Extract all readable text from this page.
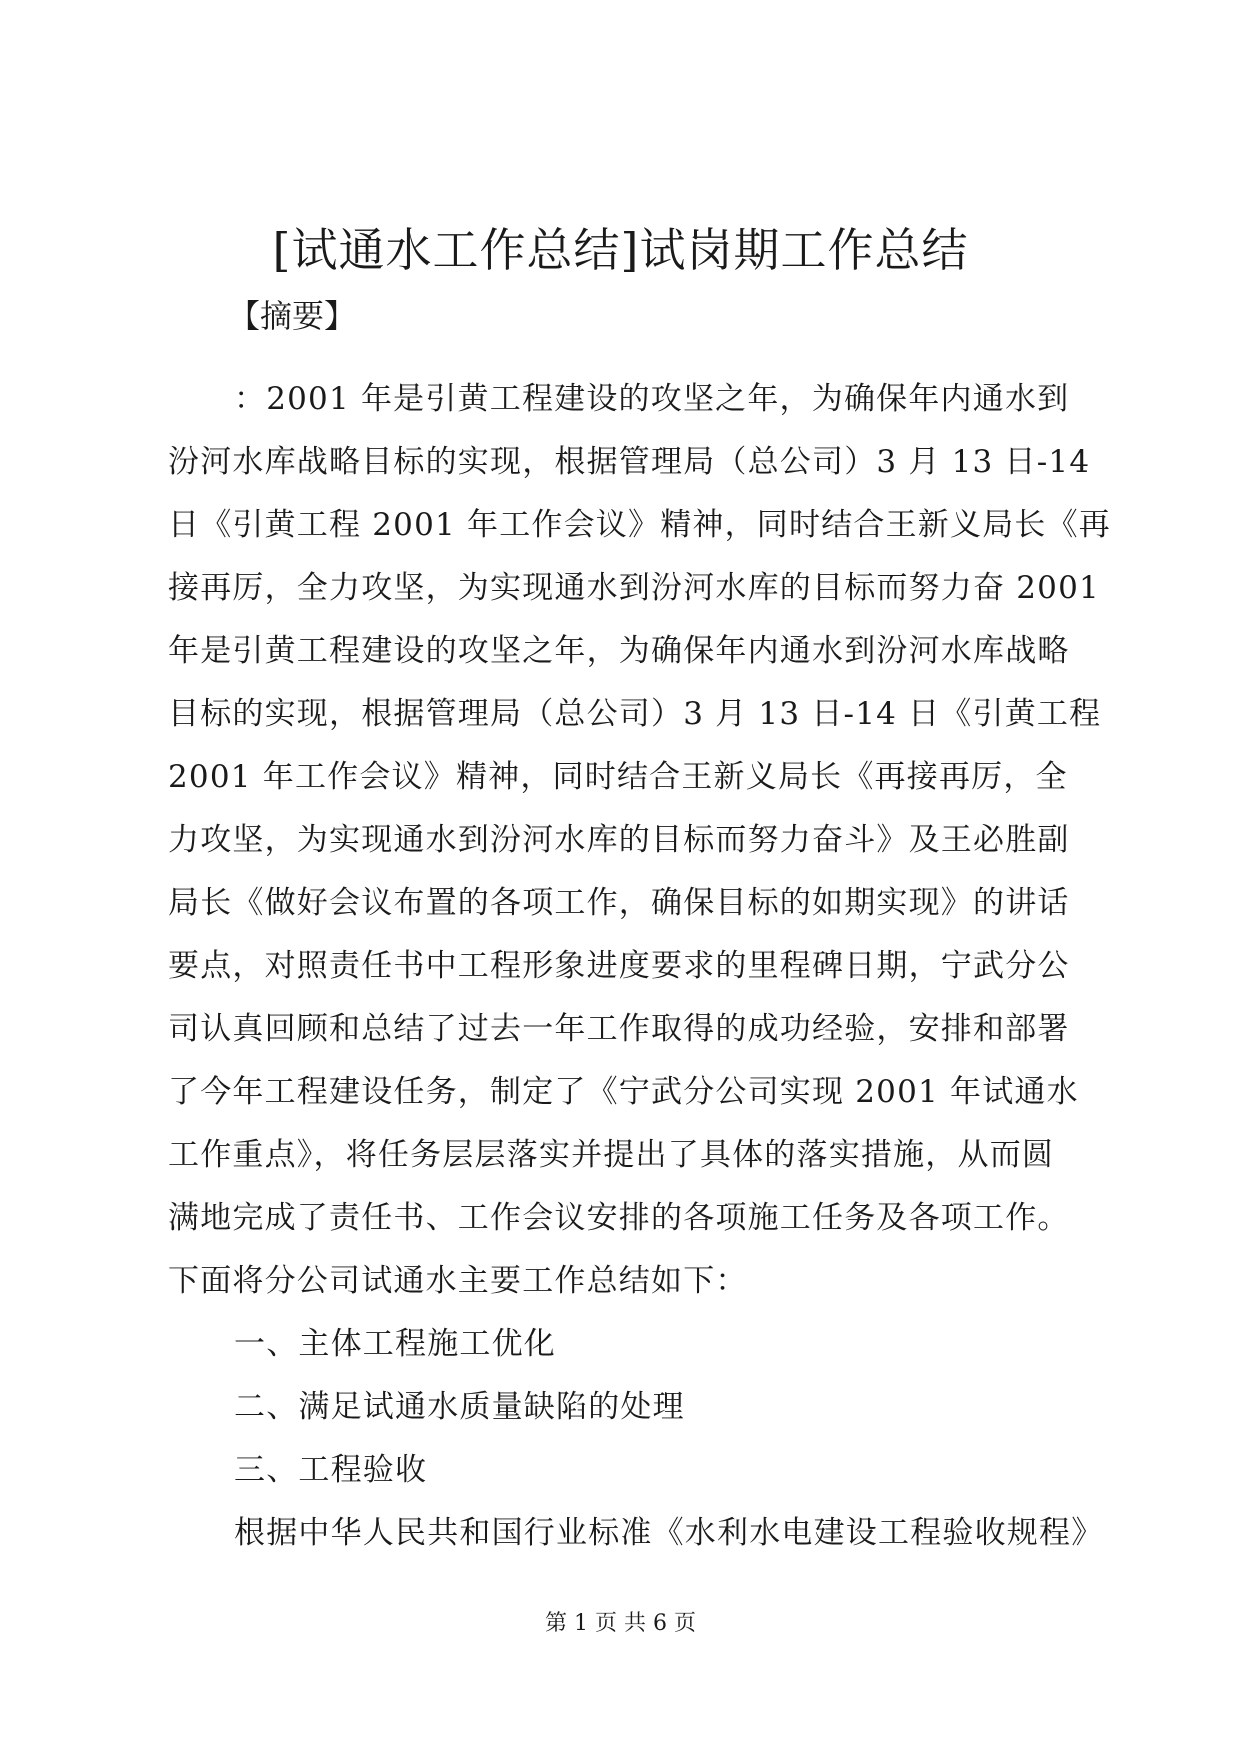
[试通水工作总结]试岗期工作总结
【摘要】
：2001 年是引黄工程建设的攻坚之年，为确保年内通水到
汾河水库战略目标的实现，根据管理局（总公司）3 月 13 日-14
日《引黄工程 2001 年工作会议》精神，同时结合王新义局长《再
接再厉，全力攻坚，为实现通水到汾河水库的目标而努力奋 2001
年是引黄工程建设的攻坚之年，为确保年内通水到汾河水库战略
目标的实现，根据管理局（总公司）3 月 13 日-14 日《引黄工程
2001 年工作会议》精神，同时结合王新义局长《再接再厉，全
力攻坚，为实现通水到汾河水库的目标而努力奋斗》及王必胜副
局长《做好会议布置的各项工作，确保目标的如期实现》的讲话
要点，对照责任书中工程形象进度要求的里程碑日期，宁武分公
司认真回顾和总结了过去一年工作取得的成功经验，安排和部署
了今年工程建设任务，制定了《宁武分公司实现 2001 年试通水
工作重点》，将任务层层落实并提出了具体的落实措施，从而圆
满地完成了责任书、工作会议安排的各项施工任务及各项工作。
下面将分公司试通水主要工作总结如下：
一、主体工程施工优化
二、满足试通水质量缺陷的处理
三、工程验收
根据中华人民共和国行业标准《水利水电建设工程验收规程》
第 1 页 共 6 页
